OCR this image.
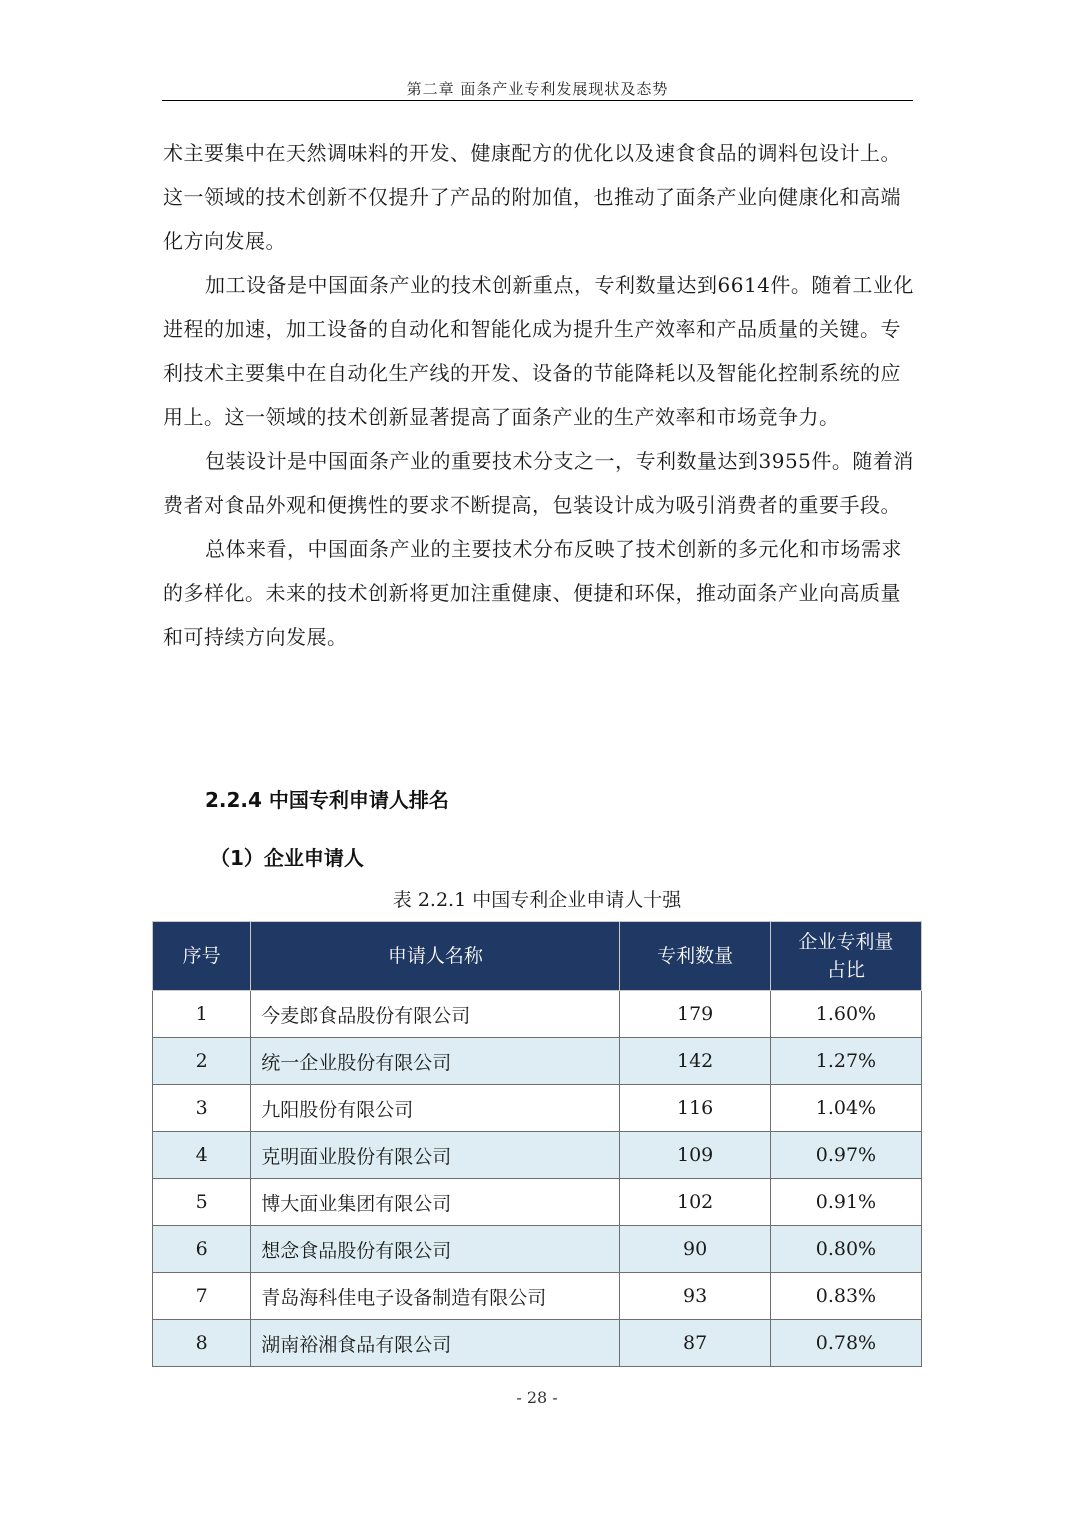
第二章 面条产业专利发展现状及态势

术主要集中在天然调味料的开发、健康配方的优化以及速食食品的调料包设计上。这一领域的技术创新不仅提升了产品的附加值，也推动了面条产业向健康化和高端化方向发展。

加工设备是中国面条产业的技术创新重点，专利数量达到6614件。随着工业化进程的加速，加工设备的自动化和智能化成为提升生产效率和产品质量的关键。专利技术主要集中在自动化生产线的开发、设备的节能降耗以及智能化控制系统的应用上。这一领域的技术创新显著提高了面条产业的生产效率和市场竞争力。

包装设计是中国面条产业的重要技术分支之一，专利数量达到3955件。随着消费者对食品外观和便携性的要求不断提高，包装设计成为吸引消费者的重要手段。

总体来看，中国面条产业的主要技术分布反映了技术创新的多元化和市场需求的多样化。未来的技术创新将更加注重健康、便捷和环保，推动面条产业向高质量和可持续方向发展。

2.2.4 中国专利申请人排名
（1）企业申请人
表 2.2.1 中国专利企业申请人十强
序号	申请人名称	专利数量	企业专利量占比
1	今麦郎食品股份有限公司	179	1.60%
2	统一企业股份有限公司	142	1.27%
3	九阳股份有限公司	116	1.04%
4	克明面业股份有限公司	109	0.97%
5	博大面业集团有限公司	102	0.91%
6	想念食品股份有限公司	90	0.80%
7	青岛海科佳电子设备制造有限公司	93	0.83%
8	湖南裕湘食品有限公司	87	0.78%
- 28 -
